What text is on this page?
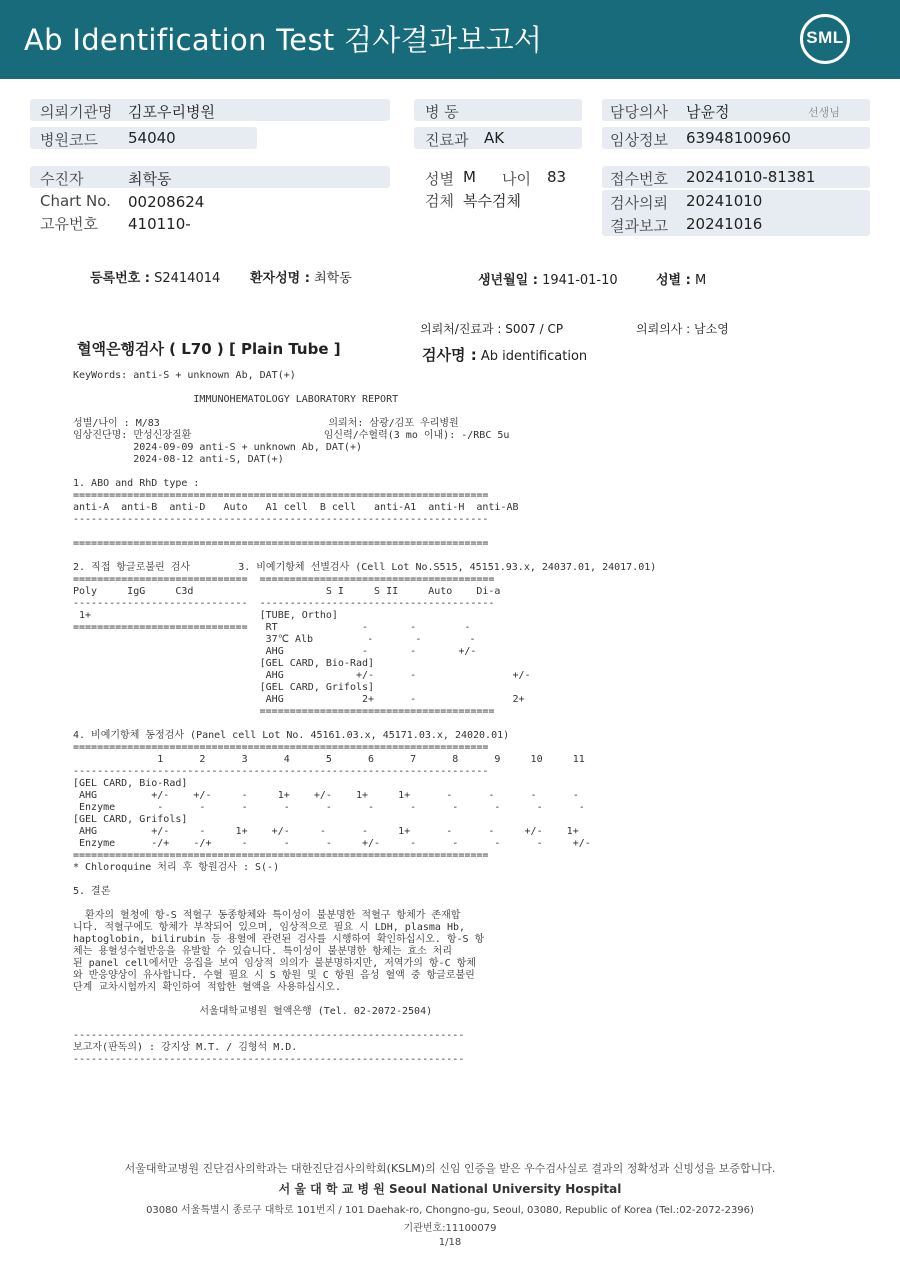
Ab Identification Test 검사결과보고서	SML
의뢰기관명 김포우리병원
병원코드 54040
수진자	최학동
Chart No. 00208624
고유번호 410110-
병 동
진료과 AK
성별 M 나이 83
검체 복수검체
담당의사 남윤정	선생님
임상정보 63948100960
접수번호 20241010-81381
검사의뢰 20241010
결과보고 20241016
등록번호 : S2414014 환자성명 : 최학동	생년월일 : 1941-01-10	성별 : M
의뢰처/진료과 : S007 / CP	의뢰의사 : 남소영
혈액은행검사 ( L70 ) [ Plain Tube ]	검사명 : Ab identification
KeyWords: anti-S + unknown Ab, DAT(+)

IMMUNOHEMATOLOGY LABORATORY REPORT

성별/나이 : M/83                            의뢰처: 삼광/김포 우리병원
임상진단명: 만성신장질환                      임신력/수혈력(3 mo 이내): -/RBC 5u
2024-09-09 anti-S + unknown Ab, DAT(+)
2024-08-12 anti-S, DAT(+)

1. ABO and RhD type :
=====================================================================
anti-A  anti-B  anti-D   Auto   A1 cell  B cell   anti-A1  anti-H  anti-AB
---------------------------------------------------------------------

=====================================================================

2. 직접 항글로불린 검사        3. 비예기항체 선별검사 (Cell Lot No.S515, 45151.93.x, 24037.01, 24017.01)
=============================  =======================================
Poly     IgG     C3d                      S I     S II     Auto    Di-a
-----------------------------  ---------------------------------------
1+                            [TUBE, Ortho]
=============================   RT              -       -        -
37℃ Alb         -       -        -
AHG             -       -       +/-
[GEL CARD, Bio-Rad]
AHG            +/-      -                +/-
[GEL CARD, Grifols]
AHG             2+      -                2+
=======================================

4. 비예기항체 동정검사 (Panel cell Lot No. 45161.03.x, 45171.03.x, 24020.01)
=====================================================================
1      2      3      4      5      6      7      8      9     10     11
---------------------------------------------------------------------
[GEL CARD, Bio-Rad]
AHG         +/-    +/-     -     1+    +/-    1+     1+      -      -      -      -
Enzyme       -      -      -      -      -      -      -      -      -      -      -
[GEL CARD, Grifols]
AHG         +/-     -     1+    +/-     -      -     1+      -      -     +/-    1+
Enzyme      -/+    -/+     -      -      -     +/-     -      -      -      -     +/-
=====================================================================
* Chloroquine 처리 후 항원검사 : S(-)

5. 결론

환자의 혈청에 항-S 적혈구 동종항체와 특이성이 불분명한 적혈구 항체가 존재합
니다. 적혈구에도 항체가 부착되어 있으며, 임상적으로 필요 시 LDH, plasma Hb,
haptoglobin, bilirubin 등 용혈에 관련된 검사를 시행하여 확인하십시오. 항-S 항
체는 용혈성수혈반응을 유발할 수 있습니다. 특이성이 불분명한 항체는 효소 처리
된 panel cell에서만 응집을 보여 임상적 의의가 불분명하지만, 저역가의 항-C 항체
와 반응양상이 유사합니다. 수혈 필요 시 S 항원 및 C 항원 음성 혈액 중 항글로불린
단계 교차시험까지 확인하여 적합한 혈액을 사용하십시오.

서울대학교병원 혈액은행 (Tel. 02-2072-2504)

-----------------------------------------------------------------
보고자(판독의) : 강지상 M.T. / 김형석 M.D.
-----------------------------------------------------------------
서울대학교병원 진단검사의학과는 대한진단검사의학회(KSLM)의 신임 인증을 받은 우수검사실로 결과의 정확성과 신빙성을 보증합니다.
서 울 대 학 교 병 원 Seoul National University Hospital
03080 서울특별시 종로구 대학로 101번지 / 101 Daehak-ro, Chongno-gu, Seoul, 03080, Republic of Korea (Tel.:02-2072-2396)
기관번호:11100079
1/18
